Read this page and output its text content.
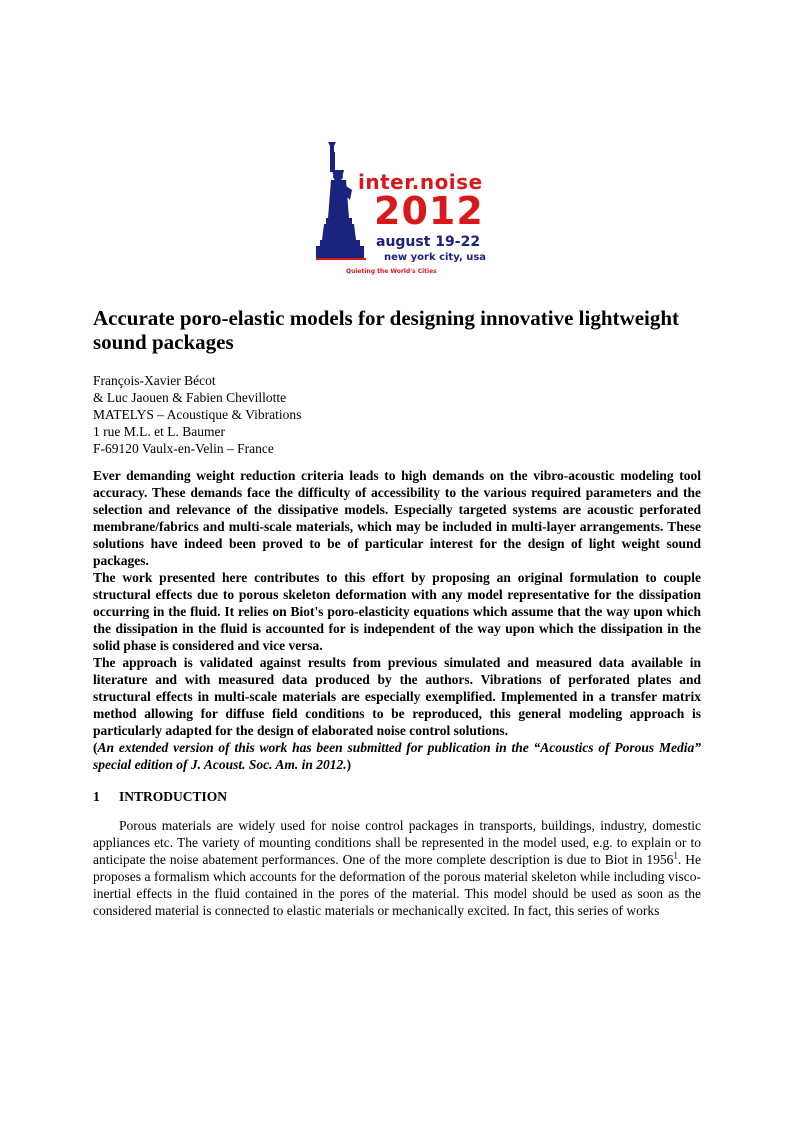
inter.noise
2012
august 19-22
new york city, usa
Quieting the World's Cities
Accurate poro-elastic models for designing innovative lightweight sound packages
François-Xavier Bécot
& Luc Jaouen & Fabien Chevillotte
MATELYS – Acoustique & Vibrations
1 rue M.L. et L. Baumer
F-69120 Vaulx-en-Velin – France

Ever demanding weight reduction criteria leads to high demands on the vibro-acoustic modeling tool accuracy. These demands face the difficulty of accessibility to the various required parameters and the selection and relevance of the dissipative models. Especially targeted systems are acoustic perforated membrane/fabrics and multi-scale materials, which may be included in multi-layer arrangements. These solutions have indeed been proved to be of particular interest for the design of light weight sound packages.

The work presented here contributes to this effort by proposing an original formulation to couple structural effects due to porous skeleton deformation with any model representative for the dissipation occurring in the fluid. It relies on Biot's poro-elasticity equations which assume that the way upon which the dissipation in the fluid is accounted for is independent of the way upon which the dissipation in the solid phase is considered and vice versa.

The approach is validated against results from previous simulated and measured data available in literature and with measured data produced by the authors. Vibrations of perforated plates and structural effects in multi-scale materials are especially exemplified. Implemented in a transfer matrix method allowing for diffuse field conditions to be reproduced, this general modeling approach is particularly adapted for the design of elaborated noise control solutions.

(An extended version of this work has been submitted for publication in the “Acoustics of Porous Media” special edition of J. Acoust. Soc. Am. in 2012.)

1 INTRODUCTION

Porous materials are widely used for noise control packages in transports, buildings, industry, domestic appliances etc. The variety of mounting conditions shall be represented in the model used, e.g. to explain or to anticipate the noise abatement performances. One of the more complete description is due to Biot in 1956$^1$. He proposes a formalism which accounts for the deformation of the porous material skeleton while including visco-inertial effects in the fluid contained in the pores of the material. This model should be used as soon as the considered material is connected to elastic materials or mechanically excited. In fact, this series of works
